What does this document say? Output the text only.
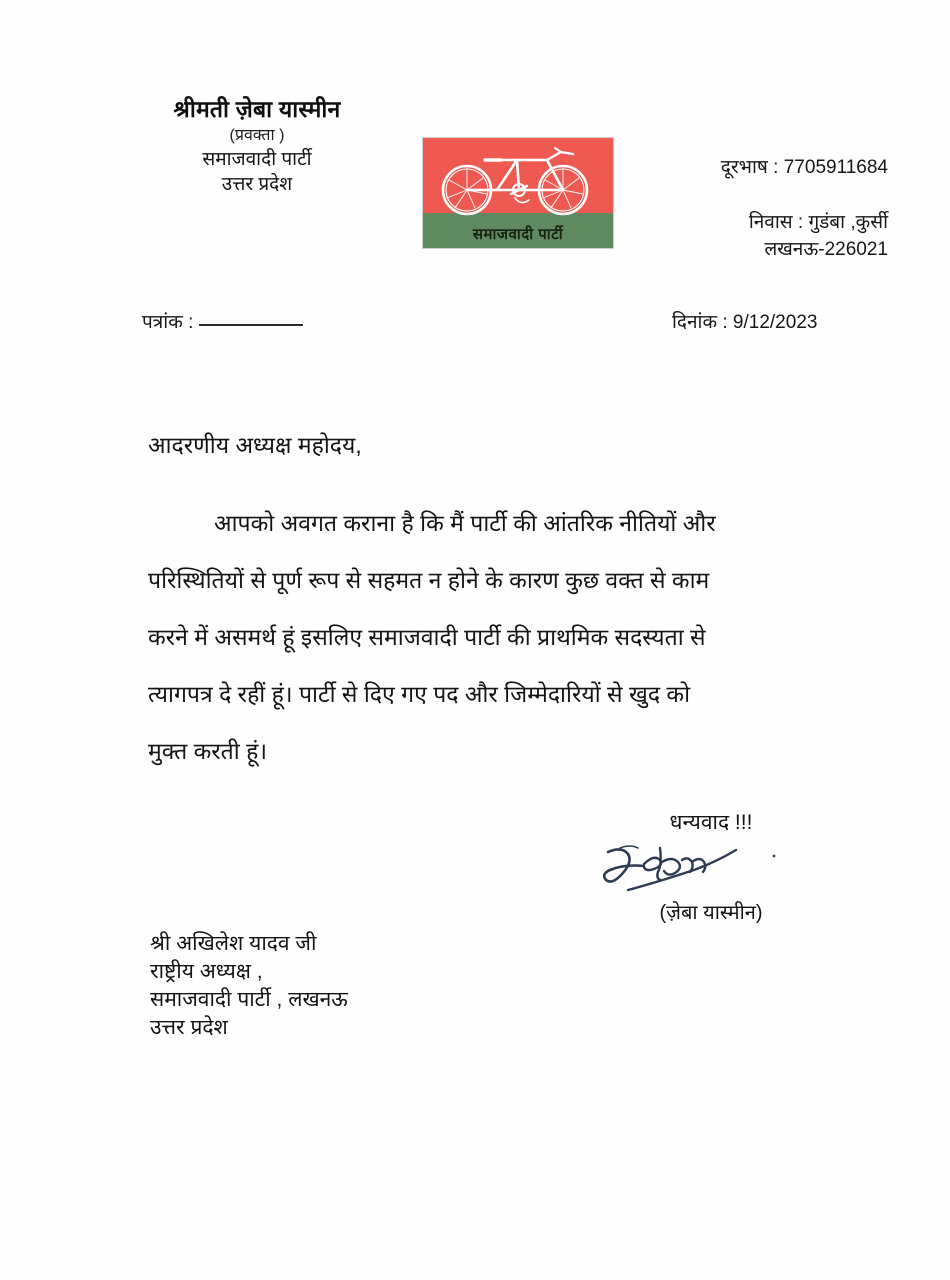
श्रीमती ज़ेबा यास्मीन
(प्रवक्ता )
समाजवादी पार्टी
उत्तर प्रदेश
समाजवादी पार्टी
दूरभाष : 7705911684
निवास : गुडंबा ,कुर्सी
लखनऊ-226021
पत्रांक :	दिनांक : 9/12/2023
आदरणीय अध्यक्ष महोदय,
आपको अवगत कराना है कि मैं पार्टी की आंतरिक नीतियों और
परिस्थितियों से पूर्ण रूप से सहमत न होने के कारण कुछ वक्त से काम
करने में असमर्थ हूं इसलिए समाजवादी पार्टी की प्राथमिक सदस्यता से
त्यागपत्र दे रहीं हूं। पार्टी से दिए गए पद और जिम्मेदारियों से खुद को
मुक्त करती हूं।
धन्यवाद !!!
(ज़ेबा यास्मीन)
श्री अखिलेश यादव जी
राष्ट्रीय अध्यक्ष ,
समाजवादी पार्टी , लखनऊ
उत्तर प्रदेश
